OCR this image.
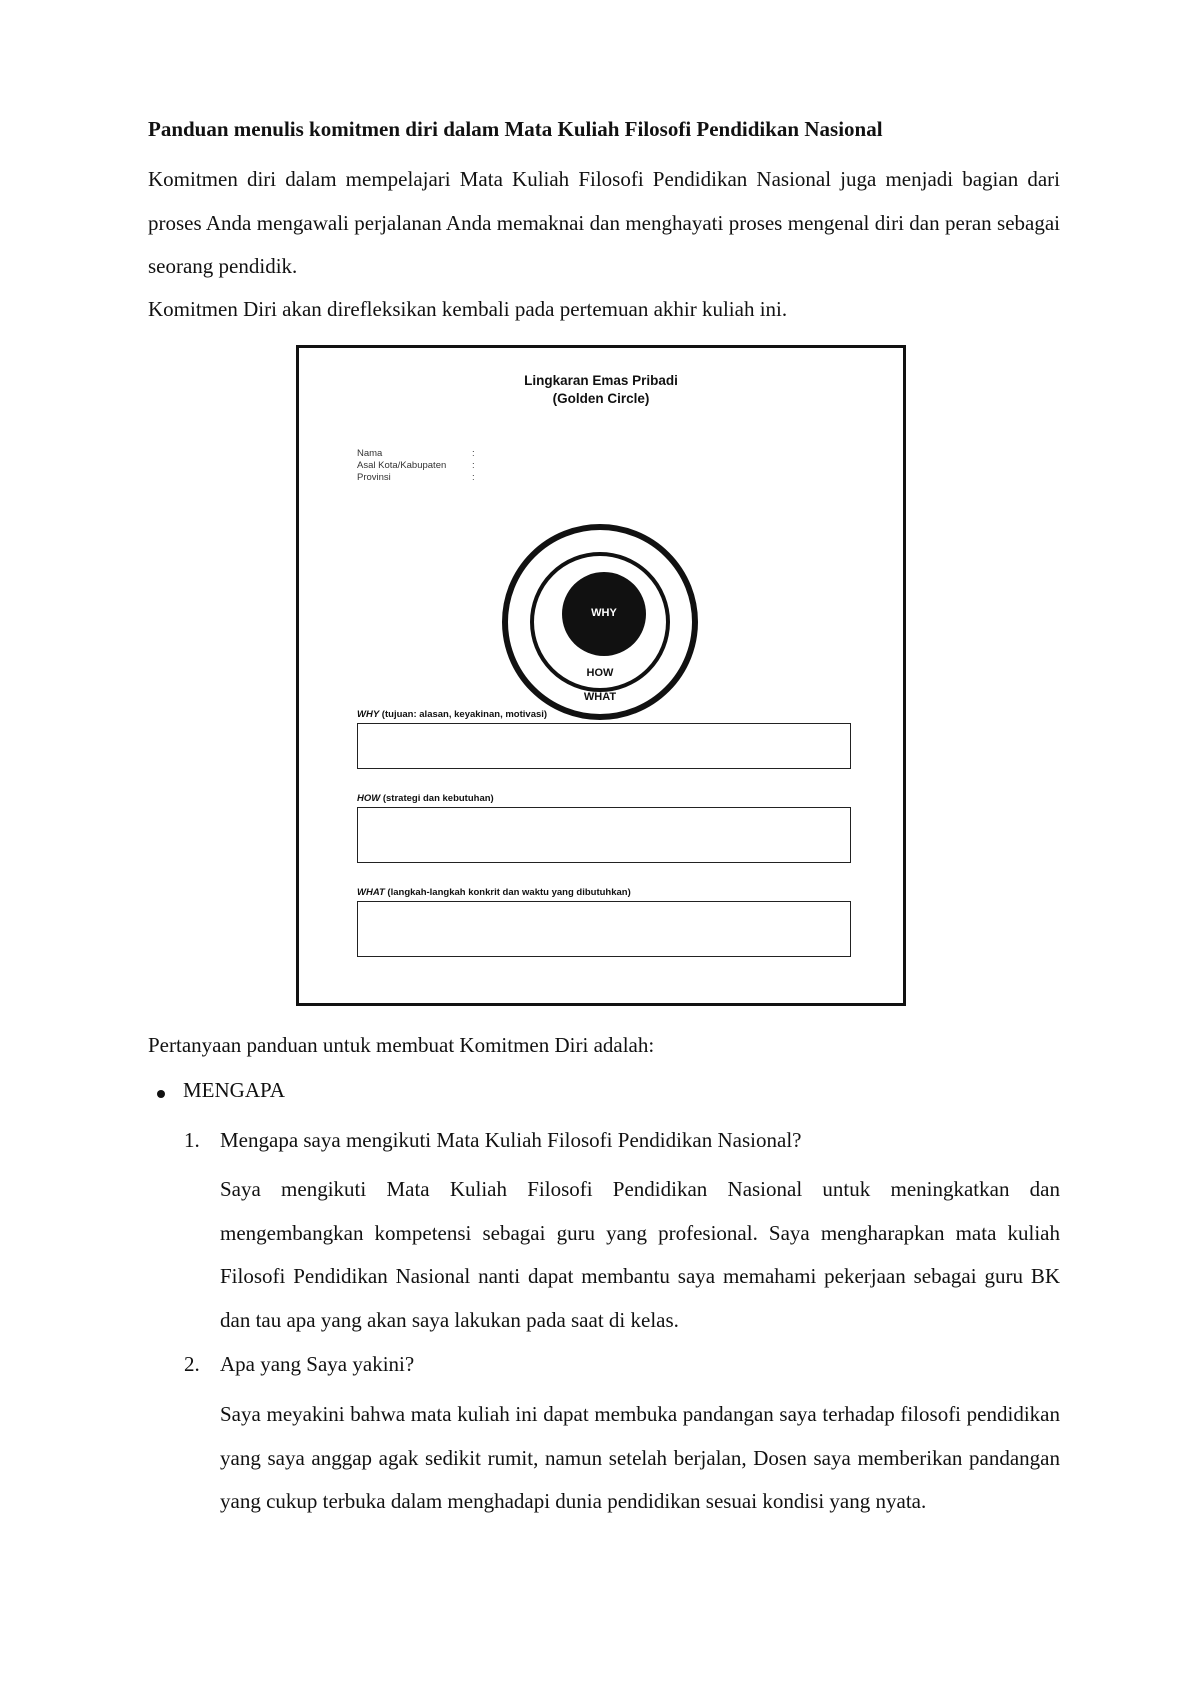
Panduan menulis komitmen diri dalam Mata Kuliah Filosofi Pendidikan Nasional
Komitmen diri dalam mempelajari Mata Kuliah Filosofi Pendidikan Nasional juga menjadi bagian dari proses Anda mengawali perjalanan Anda memaknai dan menghayati proses mengenal diri dan peran sebagai seorang pendidik.
Komitmen Diri akan direfleksikan kembali pada pertemuan akhir kuliah ini.
Lingkaran Emas Pribadi
(Golden Circle)
Nama	:
Asal Kota/Kabupaten	:
Provinsi	:
WHY
HOW
WHAT
WHY (tujuan: alasan, keyakinan, motivasi)
HOW (strategi dan kebutuhan)
WHAT (langkah-langkah konkrit dan waktu yang dibutuhkan)
Pertanyaan panduan untuk membuat Komitmen Diri adalah:
MENGAPA
1. Mengapa saya mengikuti Mata Kuliah Filosofi Pendidikan Nasional?
Saya mengikuti Mata Kuliah Filosofi Pendidikan Nasional untuk meningkatkan dan mengembangkan kompetensi sebagai guru yang profesional. Saya mengharapkan mata kuliah Filosofi Pendidikan Nasional nanti dapat membantu saya memahami pekerjaan sebagai guru BK dan tau apa yang akan saya lakukan pada saat di kelas.
2. Apa yang Saya yakini?
Saya meyakini bahwa mata kuliah ini dapat membuka pandangan saya terhadap filosofi pendidikan yang saya anggap agak sedikit rumit, namun setelah berjalan, Dosen saya memberikan pandangan yang cukup terbuka dalam menghadapi dunia pendidikan sesuai kondisi yang nyata.
